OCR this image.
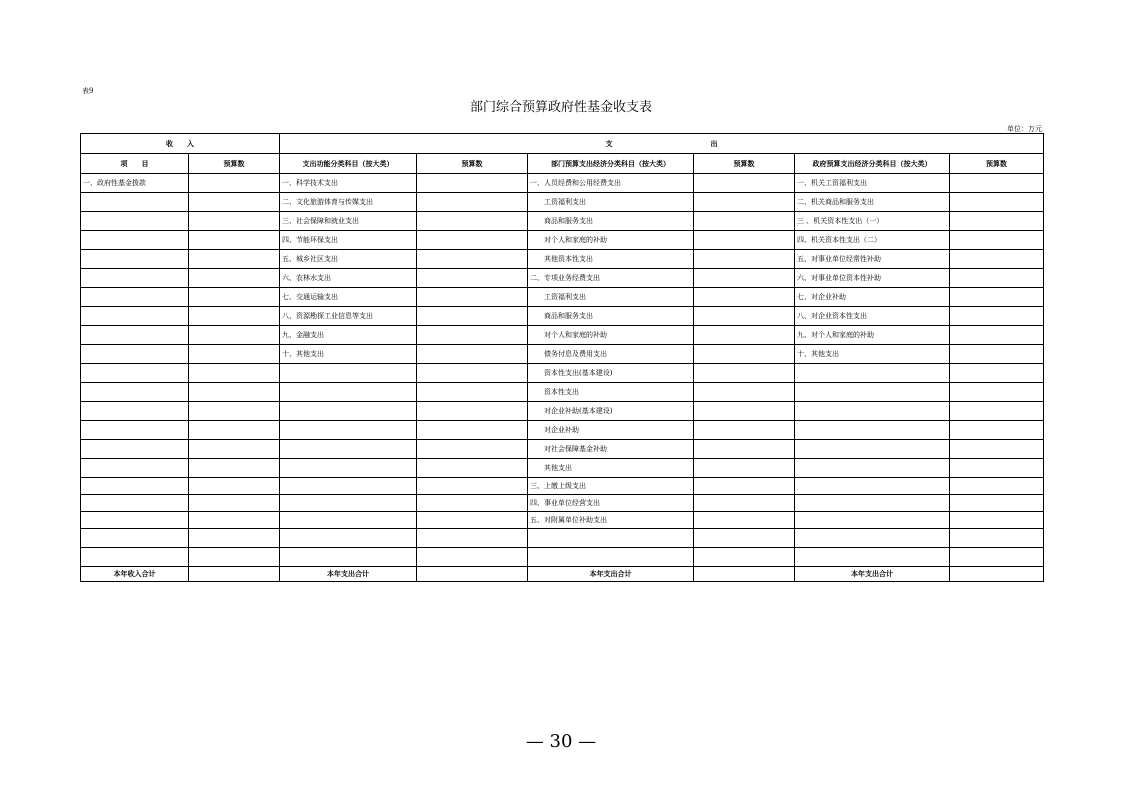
表9
部门综合预算政府性基金收支表
单位：万元
收　　入		支　　　　　　　　　　　　　　出					
项　　目	预算数	支出功能分类科目（按大类）	预算数	部门预算支出经济分类科目（按大类）	预算数	政府预算支出经济分类科目（按大类）	预算数
一、政府性基金拨款		一、科学技术支出		一、人员经费和公用经费支出		一、机关工资福利支出	
		二、文化旅游体育与传媒支出		工资福利支出		二、机关商品和服务支出	
		三、社会保障和就业支出		商品和服务支出		三 、机关资本性支出（一）	
		四、节能环保支出		对个人和家庭的补助		四、机关资本性支出（二）	
		五、城乡社区支出		其他资本性支出		五、对事业单位经常性补助	
		六、农林水支出		二、专项业务经费支出		六、对事业单位资本性补助	
		七、交通运输支出		工资福利支出		七、对企业补助	
		八、资源勘探工业信息等支出		商品和服务支出		八、对企业资本性支出	
		九、金融支出		对个人和家庭的补助		九、对个人和家庭的补助	
		十、其他支出		债务付息及费用支出		十、其他支出	
				资本性支出(基本建设)			
				资本性支出			
				对企业补助(基本建设)			
				对企业补助			
				对社会保障基金补助			
				其他支出			
				三、上缴上级支出			
				四、事业单位经营支出			
				五、对附属单位补助支出			

本年收入合计		本年支出合计		本年支出合计		本年支出合计	
— 30 —
